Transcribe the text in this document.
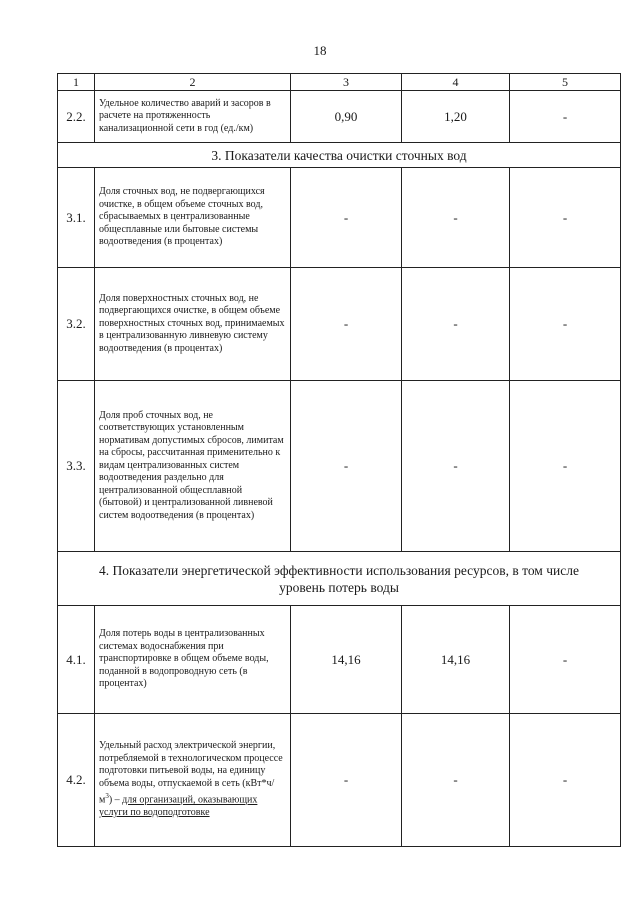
18
1	2	3	4	5
2.2.	Удельное количество аварий и засоров в расчете на протяженность канализационной сети в год (ед./км)	0,90	1,20	-
3. Показатели качества очистки сточных вод				
3.1.	Доля сточных вод, не подвергающихся очистке, в общем объеме сточных вод, сбрасываемых в централизованные общесплавные или бытовые системы водоотведения (в процентах)	-	-	-
3.2.	Доля поверхностных сточных вод, не подвергающихся очистке, в общем объеме поверхностных сточных вод, принимаемых в централизованную ливневую систему водоотведения (в процентах)	-	-	-
3.3.	Доля проб сточных вод, не соответствующих установленным нормативам допустимых сбросов, лимитам на сбросы, рассчитанная применительно к видам централизованных систем водоотведения раздельно для централизованной общесплавной (бытовой) и централизованной ливневой систем водоотведения (в процентах)	-	-	-
4. Показатели энергетической эффективности использования ресурсов, в том числе уровень потерь воды				
4.1.	Доля потерь воды в централизованных системах водоснабжения при транспортировке в общем объеме воды, поданной в водопроводную сеть (в процентах)	14,16	14,16	-
4.2.	Удельный расход электрической энергии, потребляемой в технологическом процессе подготовки питьевой воды, на единицу объема воды, отпускаемой в сеть $(кВт*ч/м^3)$ – для организаций, оказывающих услуги по водоподготовке	-	-	-
